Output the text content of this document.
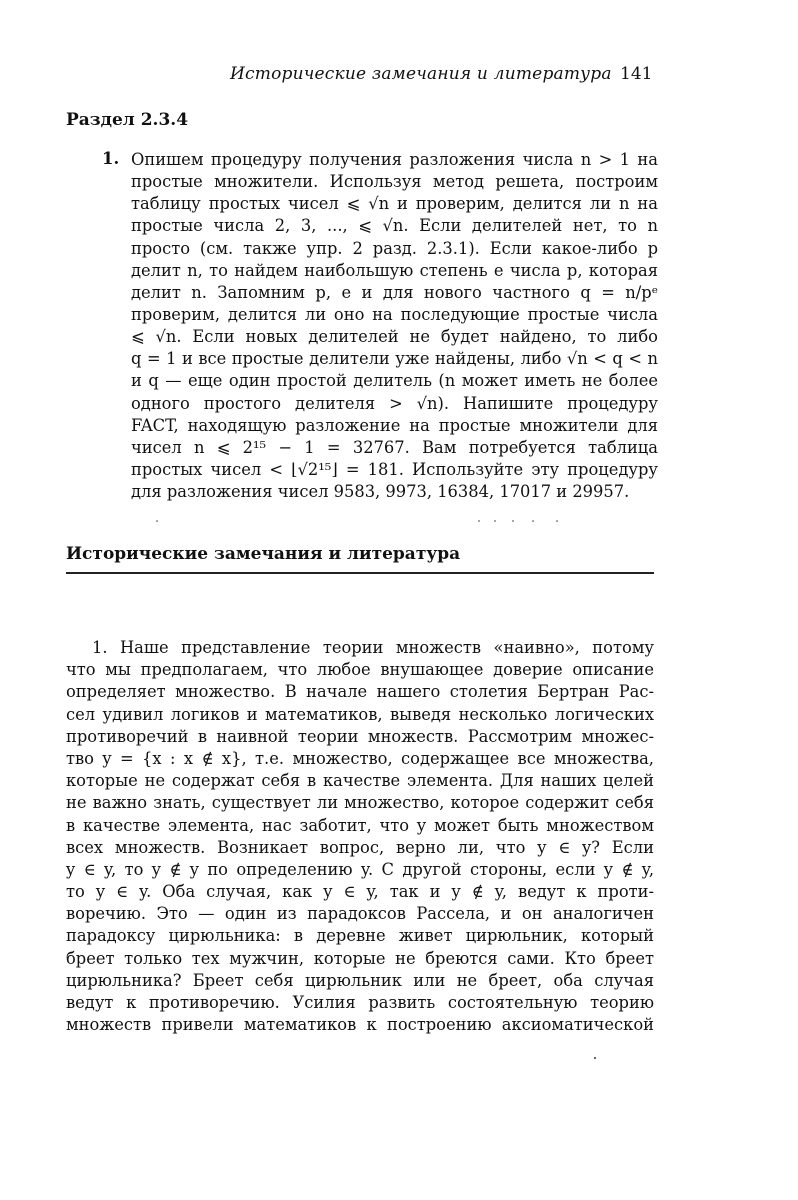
Исторические замечания и литература 141
Раздел 2.3.4
1. Опишем процедуру получения разложения числа n > 1 на
простые множители. Используя метод решета, построим
таблицу простых чисел ⩽ √n и проверим, делится ли n на
простые числа 2, 3, ..., ⩽ √n. Если делителей нет, то n
просто (см. также упр. 2 разд. 2.3.1). Если какое-либо p
делит n, то найдем наибольшую степень e числа p, которая
делит n. Запомним p, e и для нового частного q = n/pᵉ
проверим, делится ли оно на последующие простые числа
⩽ √n. Если новых делителей не будет найдено, то либо
q = 1 и все простые делители уже найдены, либо √n < q < n
и q — еще один простой делитель (n может иметь не более
одного простого делителя > √n). Напишите процедуру
FACT, находящую разложение на простые множители для
чисел n ⩽ 2¹⁵ − 1 = 32767. Вам потребуется таблица
простых чисел < ⌊√2¹⁵⌋ = 181. Используйте эту процедуру
для разложения чисел 9583, 9973, 16384, 17017 и 29957.
Исторические замечания и литература
1. Наше представление теории множеств «наивно», потому
что мы предполагаем, что любое внушающее доверие описание
определяет множество. В начале нашего столетия Бертран Рас-
сел удивил логиков и математиков, выведя несколько логических
противоречий в наивной теории множеств. Рассмотрим множес-
тво y = {x : x ∉ x}, т.е. множество, содержащее все множества,
которые не содержат себя в качестве элемента. Для наших целей
не важно знать, существует ли множество, которое содержит себя
в качестве элемента, нас заботит, что y может быть множеством
всех множеств. Возникает вопрос, верно ли, что y ∈ y? Если
y ∈ y, то y ∉ y по определению y. С другой стороны, если y ∉ y,
то y ∈ y. Оба случая, как y ∈ y, так и y ∉ y, ведут к проти-
воречию. Это — один из парадоксов Рассела, и он аналогичен
парадоксу цирюльника: в деревне живет цирюльник, который
бреет только тех мужчин, которые не бреются сами. Кто бреет
цирюльника? Бреет себя цирюльник или не бреет, оба случая
ведут к противоречию. Усилия развить состоятельную теорию
множеств привели математиков к построению аксиоматической
